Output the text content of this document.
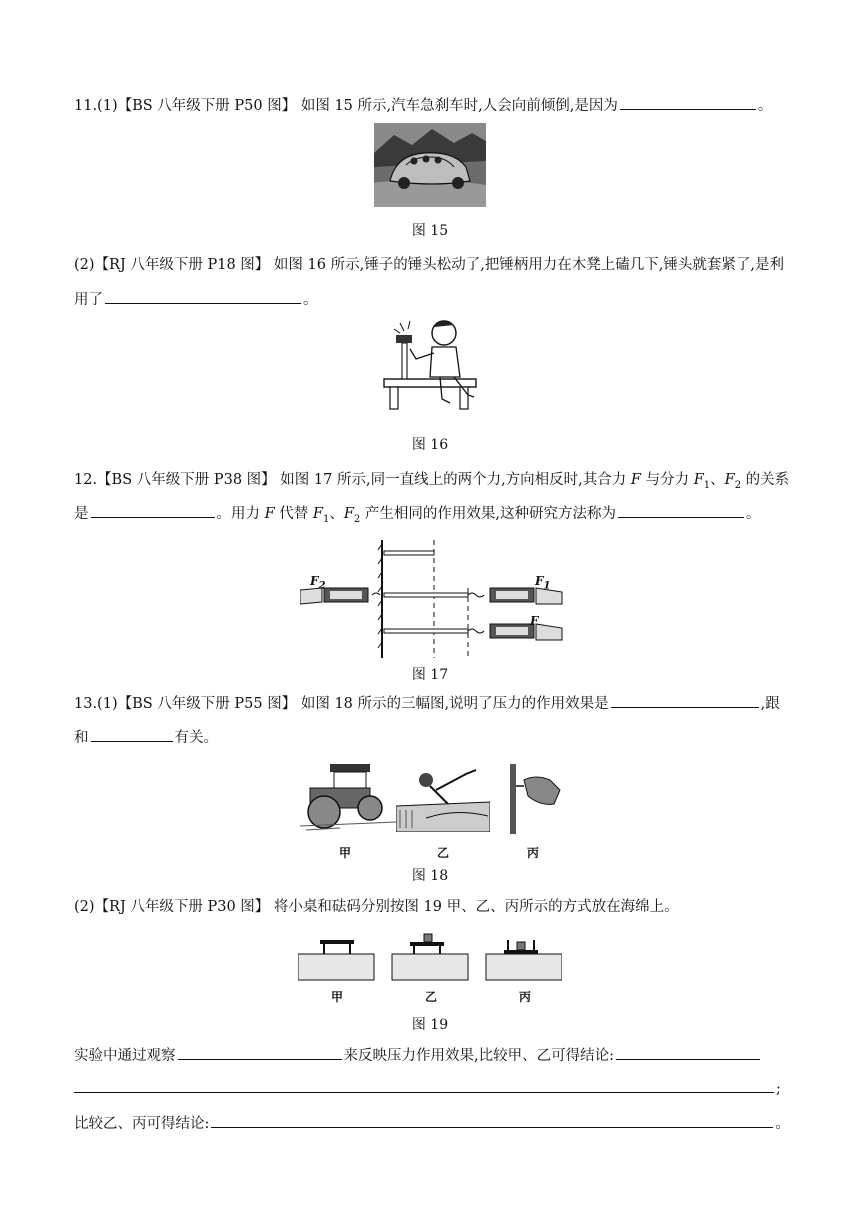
11.(1)【BS 八年级下册 P50 图】 如图 15 所示,汽车急刹车时,人会向前倾倒,是因为	。
图 15
(2)【RJ 八年级下册 P18 图】 如图 16 所示,锤子的锤头松动了,把锤柄用力在木凳上磕几下,锤头就套紧了,是利
用了	。
图 16
12.【BS 八年级下册 P38 图】 如图 17 所示,同一直线上的两个力,方向相反时,其合力 F 与分力 $F_1$、$F_2$ 的关系
是	。用力 F 代替 $F_1$、$F_2$ 产生相同的作用效果,这种研究方法称为	。
$F_2$	$F_1$
F
图 17
13.(1)【BS 八年级下册 P55 图】 如图 18 所示的三幅图,说明了压力的作用效果是	,跟
和	有关。
甲	乙	丙
图 18
(2)【RJ 八年级下册 P30 图】 将小桌和砝码分别按图 19 甲、乙、丙所示的方式放在海绵上。
甲	乙	丙
图 19
实验中通过观察	来反映压力作用效果,比较甲、乙可得结论:
;
比较乙、丙可得结论:	。
